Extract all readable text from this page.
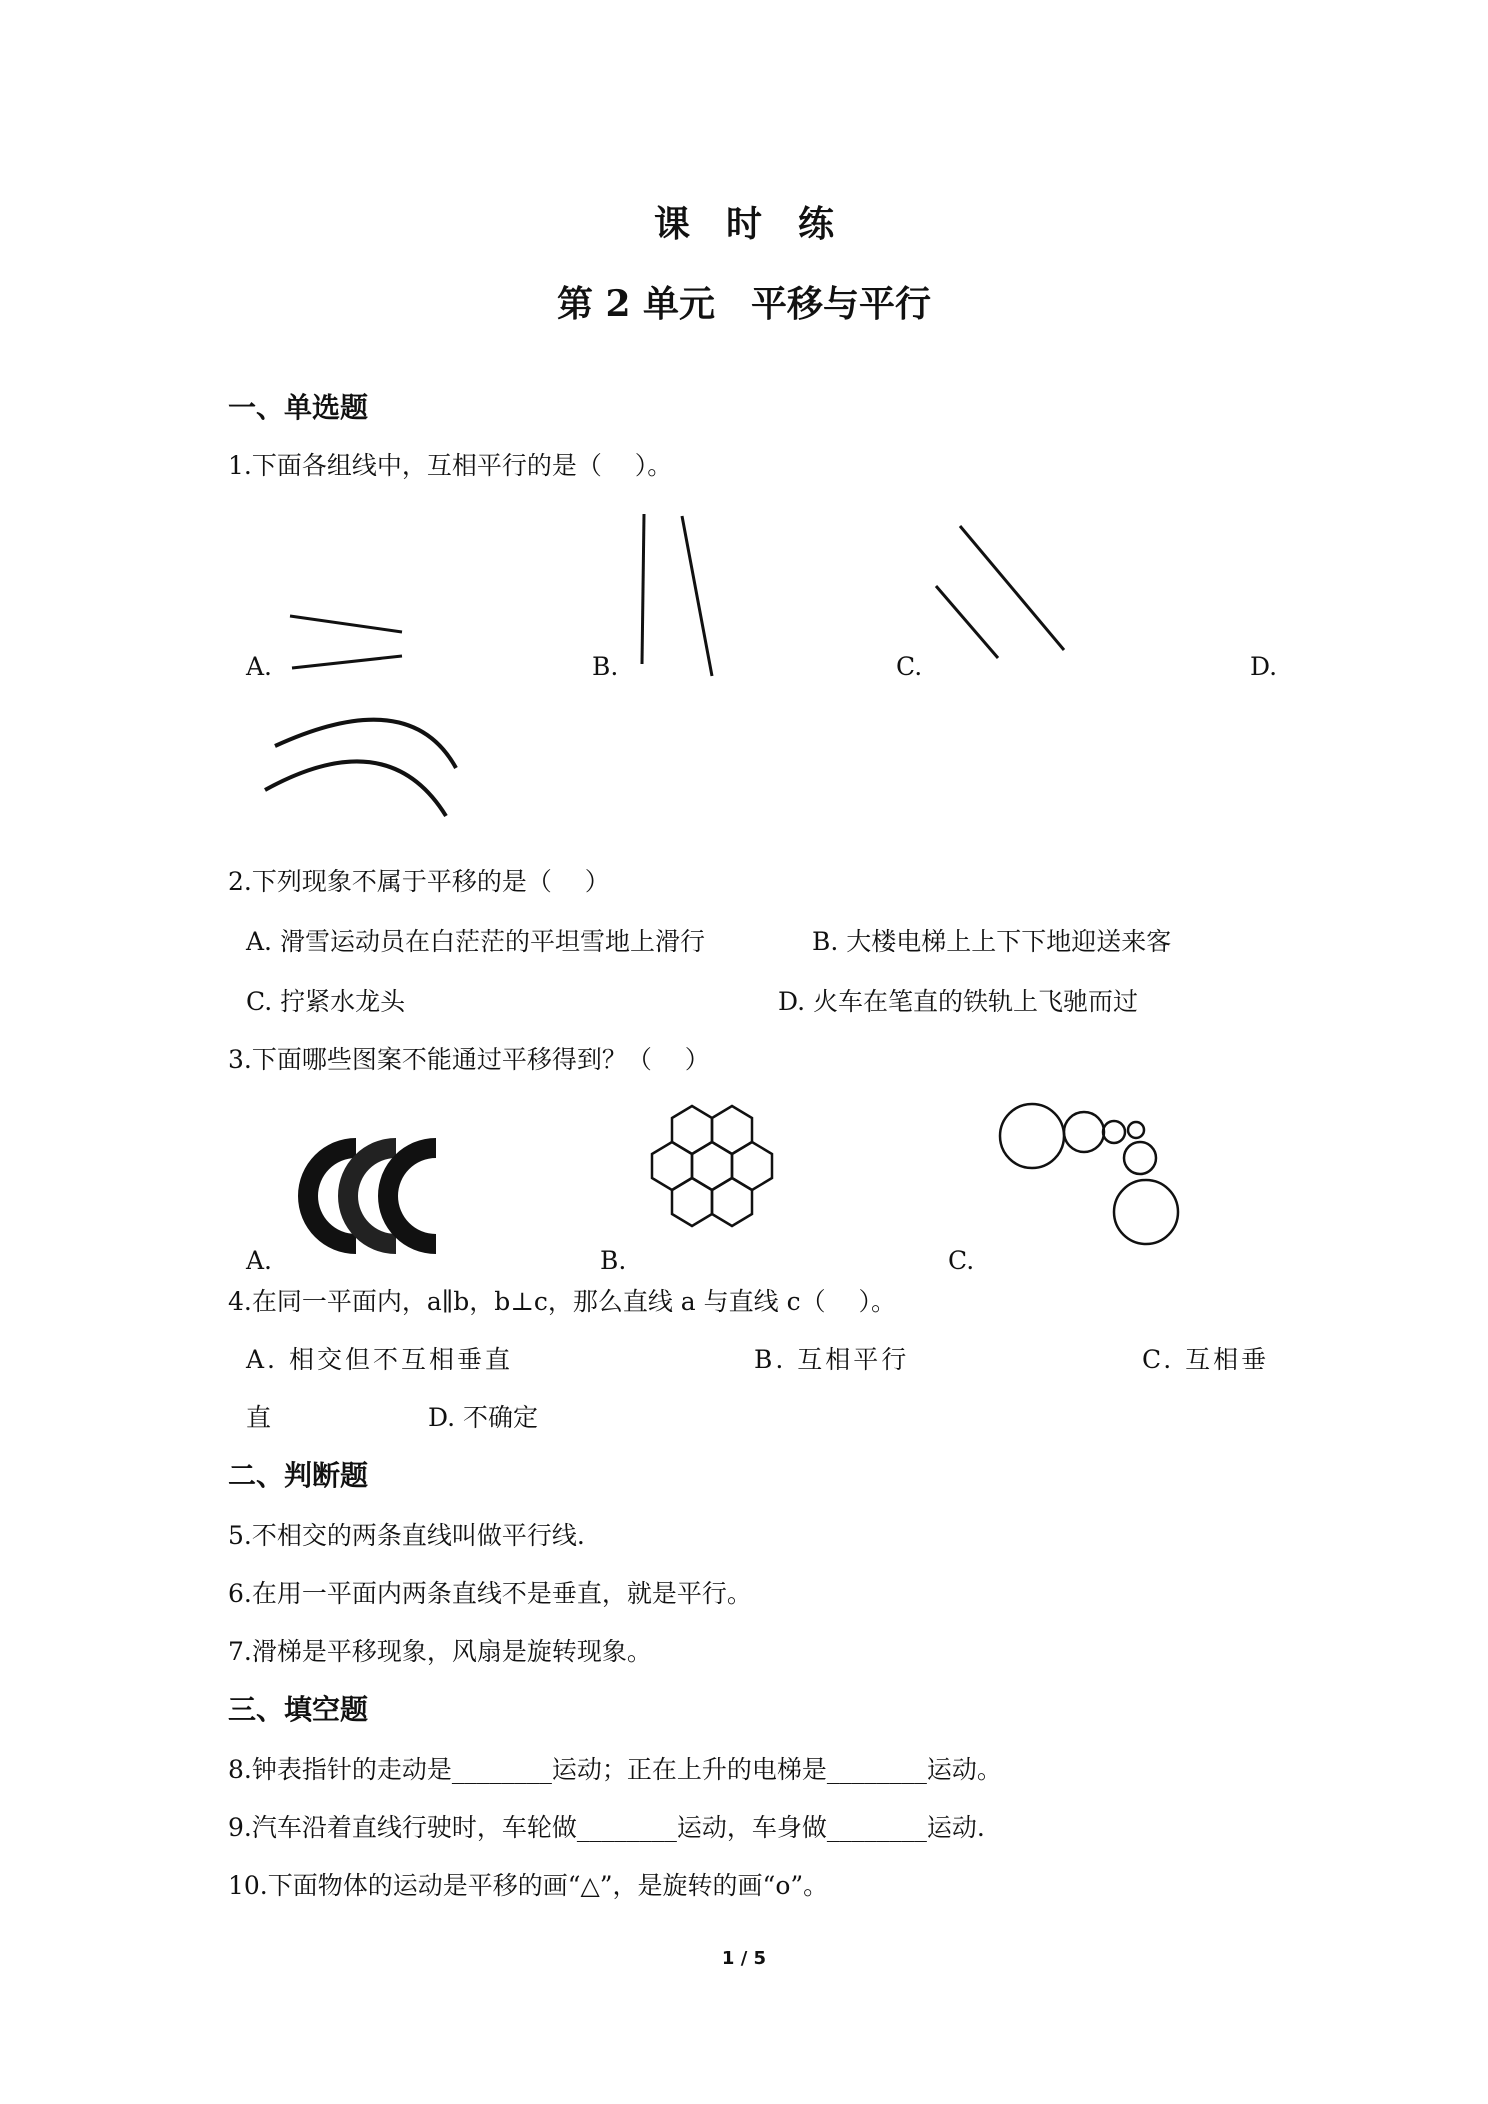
课　时　练
第 2 单元　平移与平行
一、单选题
1.下面各组线中，互相平行的是（　 ）。
A.	B.	C.	D.
2.下列现象不属于平移的是（　 ）
A. 滑雪运动员在白茫茫的平坦雪地上滑行	B. 大楼电梯上上下下地迎送来客
C. 拧紧水龙头	D. 火车在笔直的铁轨上飞驰而过
3.下面哪些图案不能通过平移得到？（　 ）
A.	B.	C.
4.在同一平面内，a∥b，b⊥c，那么直线 a 与直线 c（　 ）。
A. 相交但不互相垂直	B. 互相平行	C. 互相垂
直	D. 不确定
二、判断题
5.不相交的两条直线叫做平行线.
6.在用一平面内两条直线不是垂直，就是平行。
7.滑梯是平移现象，风扇是旋转现象。
三、填空题
8.钟表指针的走动是________运动；正在上升的电梯是________运动。
9.汽车沿着直线行驶时，车轮做________运动，车身做________运动.
10.下面物体的运动是平移的画“△”，是旋转的画“o”。
1 / 5
